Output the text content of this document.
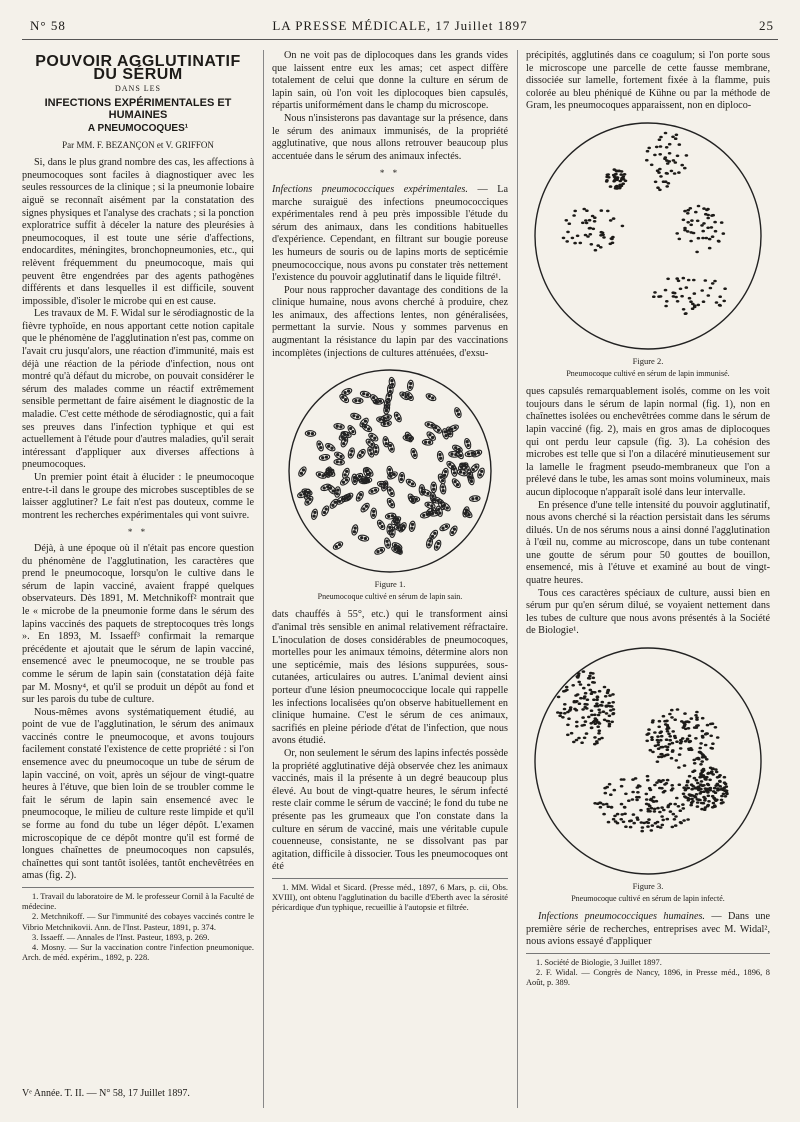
N° 58	LA PRESSE MÉDICALE, 17 Juillet 1897	25
POUVOIR AGGLUTINATIF DU SÉRUM
DANS LES
INFECTIONS EXPÉRIMENTALES ET HUMAINES
A PNEUMOCOQUES¹
Par MM. F. BEZANÇON et V. GRIFFON

Si, dans le plus grand nombre des cas, les affections à pneumocoques sont faciles à diagnostiquer avec les seules ressources de la clinique ; si la pneumonie lobaire aiguë se reconnaît aisément par la constatation des signes physiques et l'analyse des crachats ; si la ponction exploratrice suffit à déceler la nature des pleurésies à pneumocoques, il est toute une série d'affections, endocardites, méningites, bronchopneumonies, etc., qui relèvent fréquemment du pneumocoque, mais qui peuvent être engendrées par des agents pathogènes différents et dans lesquelles il est difficile, souvent impossible, d'isoler le microbe qui en est cause.

Les travaux de M. F. Widal sur le sérodiagnostic de la fièvre typhoïde, en nous apportant cette notion capitale que le phénomène de l'agglutination n'est pas, comme on l'avait cru jusqu'alors, une réaction d'immunité, mais est déjà une réaction de la période d'infection, nous ont montré qu'à défaut du microbe, on pouvait considérer le sérum des malades comme un réactif extrêmement sensible permettant de faire aisément le diagnostic de la maladie. C'est cette méthode de sérodiagnostic, qui a fait ses preuves dans l'infection typhique et qui est actuellement à l'étude pour d'autres maladies, qu'il serait intéressant d'appliquer aux diverses affections à pneumocoques.

Un premier point était à élucider : le pneumocoque entre-t-il dans le groupe des microbes susceptibles de se laisser agglutiner? Le fait n'est pas douteux, comme le montrent les recherches expérimentales qui vont suivre.

* *

Déjà, à une époque où il n'était pas encore question du phénomène de l'agglutination, les caractères que prend le pneumocoque, lorsqu'on le cultive dans le sérum de lapin vacciné, avaient frappé quelques observateurs. Dès 1891, M. Metchnikoff² montrait que le « microbe de la pneumonie forme dans le sérum des lapins vaccinés des paquets de streptocoques très longs ». En 1893, M. Issaeff³ confirmait la remarque précédente et ajoutait que le sérum de lapin vacciné, ensemencé avec le pneumocoque, ne se trouble pas comme le sérum de lapin sain (constatation déjà faite par M. Mosny⁴, et qu'il se produit un dépôt au fond et sur les parois du tube de culture.

Nous-mêmes avons systématiquement étudié, au point de vue de l'agglutination, le sérum des animaux vaccinés contre le pneumocoque, et avons toujours facilement constaté l'existence de cette propriété : si l'on ensemence avec du pneumocoque un tube de sérum de lapin vacciné, on voit, après un séjour de vingt-quatre heures à l'étuve, que bien loin de se troubler comme le fait le sérum de lapin sain ensemencé avec le pneumocoque, le milieu de culture reste limpide et qu'il se forme au fond du tube un léger dépôt. L'examen microscopique de ce dépôt montre qu'il est formé de longues chaînettes de pneumocoques non capsulés, chaînettes qui sont tantôt isolées, tantôt enchevêtrées en amas (fig. 2).

1. Travail du laboratoire de M. le professeur Cornil à la Faculté de médecine.
2. Metchnikoff. — Sur l'immunité des cobayes vaccinés contre le Vibrio Metchnikovii. Ann. de l'Inst. Pasteur, 1891, p. 374.
3. Issaeff. — Annales de l'Inst. Pasteur, 1893, p. 269.
4. Mosny. — Sur la vaccination contre l'infection pneumonique. Arch. de méd. expérim., 1892, p. 228.
Vᵉ Année. T. II. — N° 58, 17 Juillet 1897.

On ne voit pas de diplocoques dans les grands vides que laissent entre eux les amas; cet aspect diffère totalement de celui que donne la culture en sérum de lapin sain, où l'on voit les diplocoques bien capsulés, répartis uniformément dans le champ du microscope.

Nous n'insisterons pas davantage sur la présence, dans le sérum des animaux immunisés, de la propriété agglutinative, que nous allons retrouver beaucoup plus accentuée dans le sérum des animaux infectés.

* *

Infections pneumococciques expérimentales. — La marche suraiguë des infections pneumococciques expérimentales rend à peu près impossible l'étude du sérum des animaux, dans les conditions habituelles d'expérience. Cependant, en filtrant sur bougie poreuse les humeurs de souris ou de lapins morts de septicémie pneumococcique, nous avons pu constater très nettement l'existence du pouvoir agglutinatif dans le liquide filtré¹.

Pour nous rapprocher davantage des conditions de la clinique humaine, nous avons cherché à produire, chez les animaux, des affections lentes, non généralisées, permettant la survie. Nous y sommes parvenus en augmentant la résistance du lapin par des vaccinations incomplètes (injections de cultures atténuées, d'exsu-

Figure 1.
Pneumocoque cultivé en sérum de lapin sain.

dats chauffés à 55°, etc.) qui le transforment ainsi d'animal très sensible en animal relativement réfractaire. L'inoculation de doses considérables de pneumocoques, mortelles pour les animaux témoins, détermine alors non une septicémie, mais des lésions suppurées, sous-cutanées, articulaires ou autres. L'animal devient ainsi porteur d'une lésion pneumococcique locale qui rappelle les infections localisées qu'on observe habituellement en clinique humaine. C'est le sérum de ces animaux, sacrifiés en pleine période d'état de l'infection, que nous avons étudié.

Or, non seulement le sérum des lapins infectés possède la propriété agglutinative déjà observée chez les animaux vaccinés, mais il la présente à un degré beaucoup plus élevé. Au bout de vingt-quatre heures, le sérum infecté reste clair comme le sérum de vacciné; le fond du tube ne présente pas les grumeaux que l'on constate dans la culture en sérum de vacciné, mais une véritable cupule couenneuse, consistante, ne se dissolvant pas par agitation, difficile à dissocier. Tous les pneumocoques ont été

1. MM. Widal et Sicard. (Presse méd., 1897, 6 Mars, p. cii, Obs. XVIII), ont obtenu l'agglutination du bacille d'Eberth avec la sérosité péricardique d'un typhique, recueillie à l'autopsie et filtrée.

précipités, agglutinés dans ce coagulum; si l'on porte sous le microscope une parcelle de cette fausse membrane, dissociée sur lamelle, fortement fixée à la flamme, puis colorée au bleu phéniqué de Kühne ou par la méthode de Gram, les pneumocoques apparaissent, non en diploco-

Figure 2.
Pneumocoque cultivé en sérum de lapin immunisé.

ques capsulés remarquablement isolés, comme on les voit toujours dans le sérum de lapin normal (fig. 1), non en chaînettes isolées ou enchevêtrées comme dans le sérum de lapin vacciné (fig. 2), mais en gros amas de diplocoques qui ont perdu leur capsule (fig. 3). La cohésion des microbes est telle que si l'on a dilacéré minutieusement sur la lamelle le fragment pseudo-membraneux que l'on a prélevé dans le tube, les amas sont moins volumineux, mais aucun diplocoque n'apparaît isolé dans leur intervalle.

En présence d'une telle intensité du pouvoir agglutinatif, nous avons cherché si la réaction persistait dans les sérums dilués. Un de nos sérums nous a ainsi donné l'agglutination à l'œil nu, comme au microscope, dans un tube contenant une goutte de sérum pour 50 gouttes de bouillon, ensemencé, mis à l'étuve et examiné au bout de vingt-quatre heures.

Tous ces caractères spéciaux de culture, aussi bien en sérum pur qu'en sérum dilué, se voyaient nettement dans les tubes de culture que nous avons présentés à la Société de Biologie¹.

Figure 3.
Pneumocoque cultivé en sérum de lapin infecté.

Infections pneumococciques humaines. — Dans une première série de recherches, entreprises avec M. Widal², nous avions essayé d'appliquer

1. Société de Biologie, 3 Juillet 1897.
2. F. Widal. — Congrès de Nancy, 1896, in Presse méd., 1896, 8 Août, p. 389.
